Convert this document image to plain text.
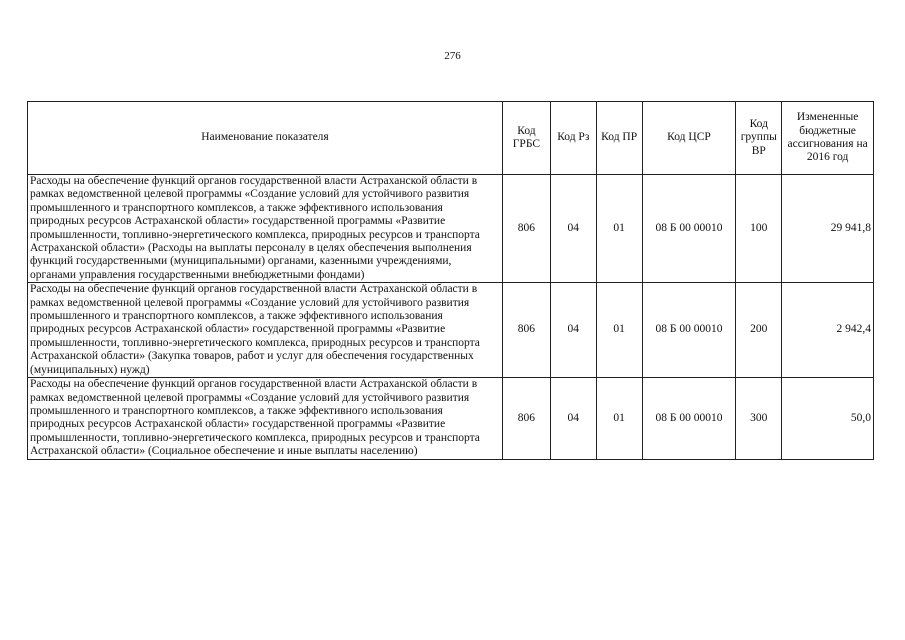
276
Наименование показателя	Код ГРБС	Код Рз	Код ПР	Код ЦСР	Код группы ВР	Измененные бюджетные ассигнования на 2016 год
Расходы на обеспечение функций органов государственной власти Астраханской области в рамках ведомственной целевой программы «Создание условий для устойчивого развития промышленного и транспортного комплексов, а также эффективного использования природных ресурсов Астраханской области» государственной программы «Развитие промышленности, топливно-энергетического комплекса, природных ресурсов и транспорта Астраханской области» (Расходы на выплаты персоналу в целях обеспечения выполнения функций государственными (муниципальными) органами, казенными учреждениями, органами управления государственными внебюджетными фондами)	806	04	01	08 Б 00 00010	100	29 941,8
Расходы на обеспечение функций органов государственной власти Астраханской области в рамках ведомственной целевой программы «Создание условий для устойчивого развития промышленного и транспортного комплексов, а также эффективного использования природных ресурсов Астраханской области» государственной программы «Развитие промышленности, топливно-энергетического комплекса, природных ресурсов и транспорта Астраханской области» (Закупка товаров, работ и услуг для обеспечения государственных (муниципальных) нужд)	806	04	01	08 Б 00 00010	200	2 942,4
Расходы на обеспечение функций органов государственной власти Астраханской области в рамках ведомственной целевой программы «Создание условий для устойчивого развития промышленного и транспортного комплексов, а также эффективного использования природных ресурсов Астраханской области» государственной программы «Развитие промышленности, топливно-энергетического комплекса, природных ресурсов и транспорта Астраханской области» (Социальное обеспечение и иные выплаты населению)	806	04	01	08 Б 00 00010	300	50,0
